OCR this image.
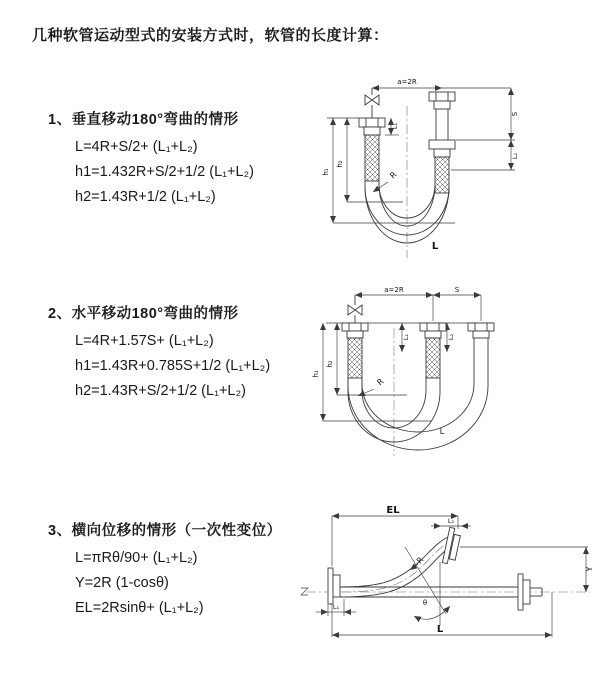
几种软管运动型式的安装方式时，软管的长度计算：
1、垂直移动180°弯曲的情形

L=4R+S/2+ (L₁+L₂)

h1=1.432R+S/2+1/2 (L₁+L₂)

h2=1.43R+1/2 (L₁+L₂)

2、水平移动180°弯曲的情形

L=4R+1.57S+ (L₁+L₂)

h1=1.43R+0.785S+1/2 (L₁+L₂)

h2=1.43R+S/2+1/2 (L₁+L₂)

3、横向位移的情形（一次性变位）

L=πRθ/90+ (L₁+L₂)

Y=2R (1-cosθ)

EL=2Rsinθ+ (L₁+L₂)

a=2R
h₁
h₂
L₁
S
L₂
R
L
a=2R	S
h₁
h₂
L₁	L₂
R
L
EL
L₂
Y
θ
R
L₁
L
